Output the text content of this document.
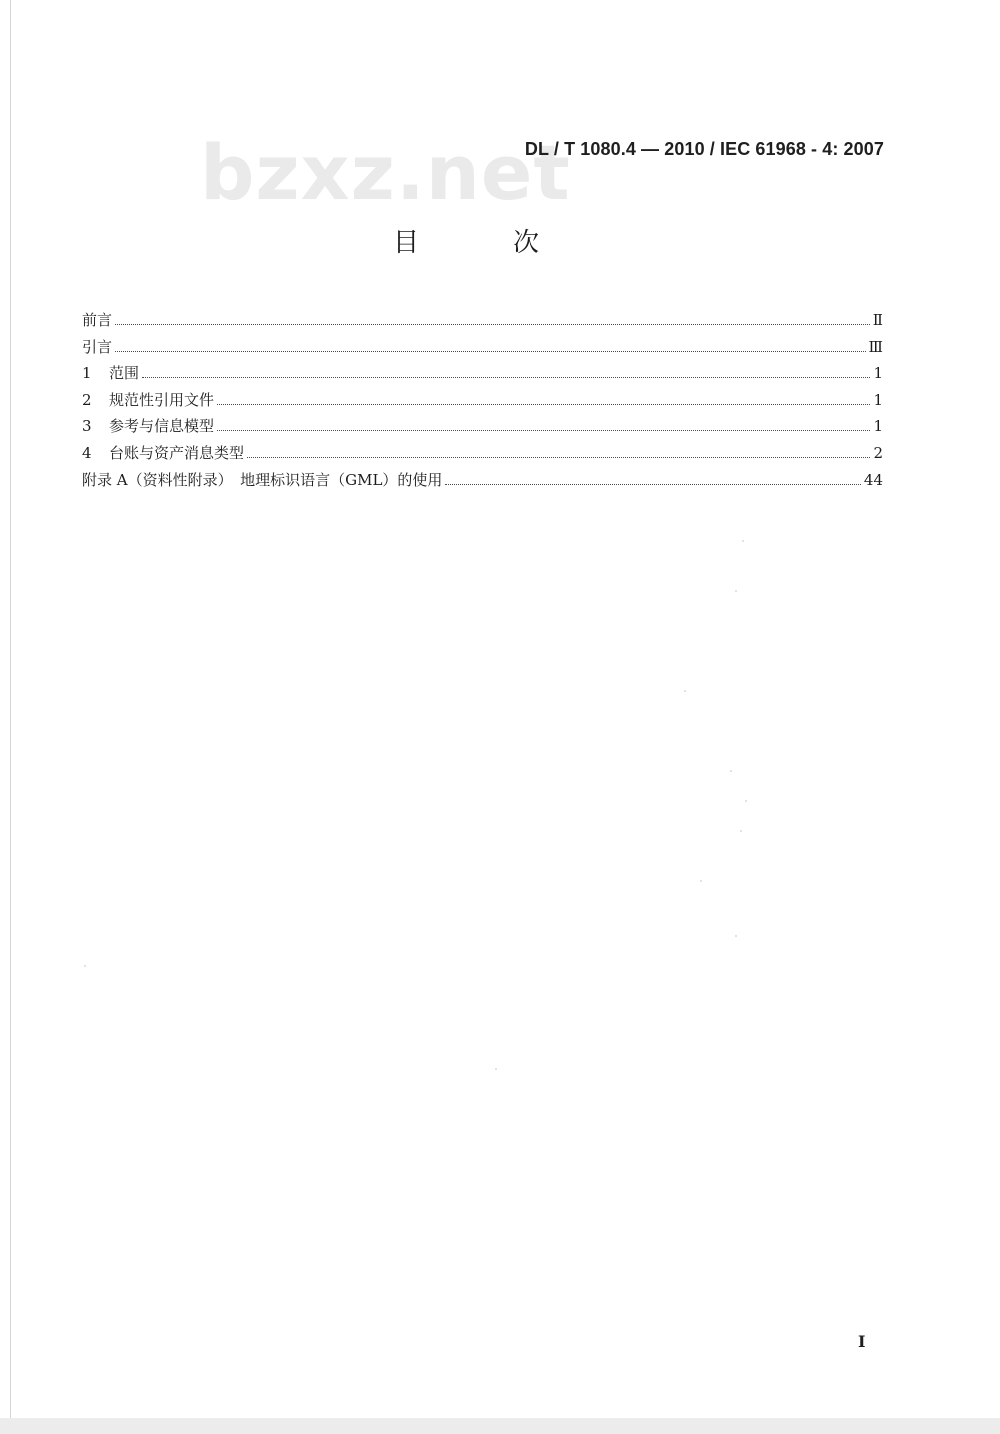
bzxz.net
DL / T 1080.4 — 2010 / IEC 61968 - 4: 2007
目　次
前言	Ⅱ
引言	Ⅲ
1	范围	1
2	规范性引用文件	1
3	参考与信息模型	1
4	台账与资产消息类型	2
附录 A（资料性附录）　地理标识语言（GML）的使用	44
I
